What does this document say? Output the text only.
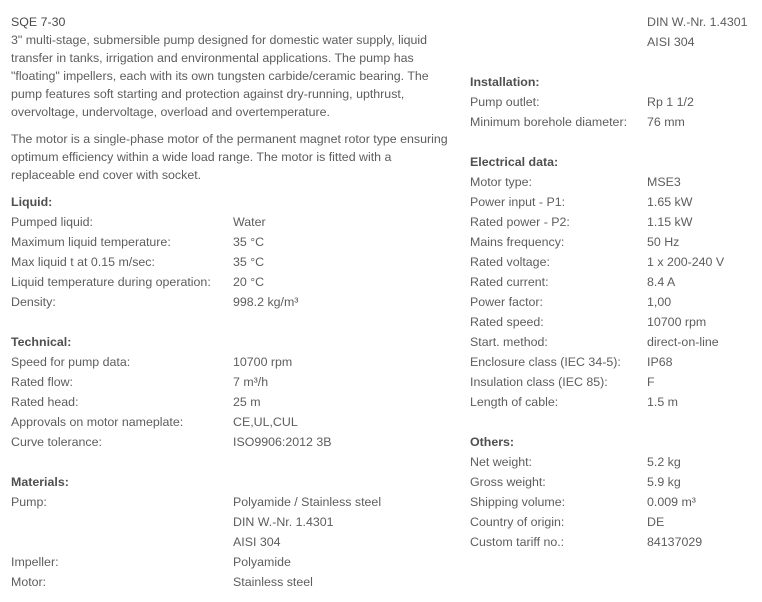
SQE 7-30

3" multi-stage, submersible pump designed for domestic water supply, liquid transfer in tanks, irrigation and environmental applications. The pump has "floating" impellers, each with its own tungsten carbide/ceramic bearing. The pump features soft starting and protection against dry-running, upthrust, overvoltage, undervoltage, overload and overtemperature.

The motor is a single-phase motor of the permanent magnet rotor type ensuring optimum efficiency within a wide load range. The motor is fitted with a replaceable end cover with socket.

Liquid:
Pumped liquid:	Water
Maximum liquid temperature:	35 °C
Max liquid t at 0.15 m/sec:	35 °C
Liquid temperature during operation: 20 °C
Density:	998.2 kg/m³
Technical:
Speed for pump data:	10700 rpm
Rated flow:	7 m³/h
Rated head:	25 m
Approvals on motor nameplate:	CE,UL,CUL
Curve tolerance:	ISO9906:2012 3B
Materials:
Pump:	Polyamide / Stainless steel
DIN W.-Nr. 1.4301
AISI 304
Impeller:	Polyamide
Motor:	Stainless steel
DIN W.-Nr. 1.4301
AISI 304
Installation:
Pump outlet:	Rp 1 1/2
Minimum borehole diameter: 76 mm
Electrical data:
Motor type:	MSE3
Power input - P1:	1.65 kW
Rated power - P2:	1.15 kW
Mains frequency:	50 Hz
Rated voltage:	1 x 200-240 V
Rated current:	8.4 A
Power factor:	1,00
Rated speed:	10700 rpm
Start. method:	direct-on-line
Enclosure class (IEC 34-5): IP68
Insulation class (IEC 85):	F
Length of cable:	1.5 m
Others:
Net weight:	5.2 kg
Gross weight:	5.9 kg
Shipping volume:	0.009 m³
Country of origin:	DE
Custom tariff no.:	84137029
